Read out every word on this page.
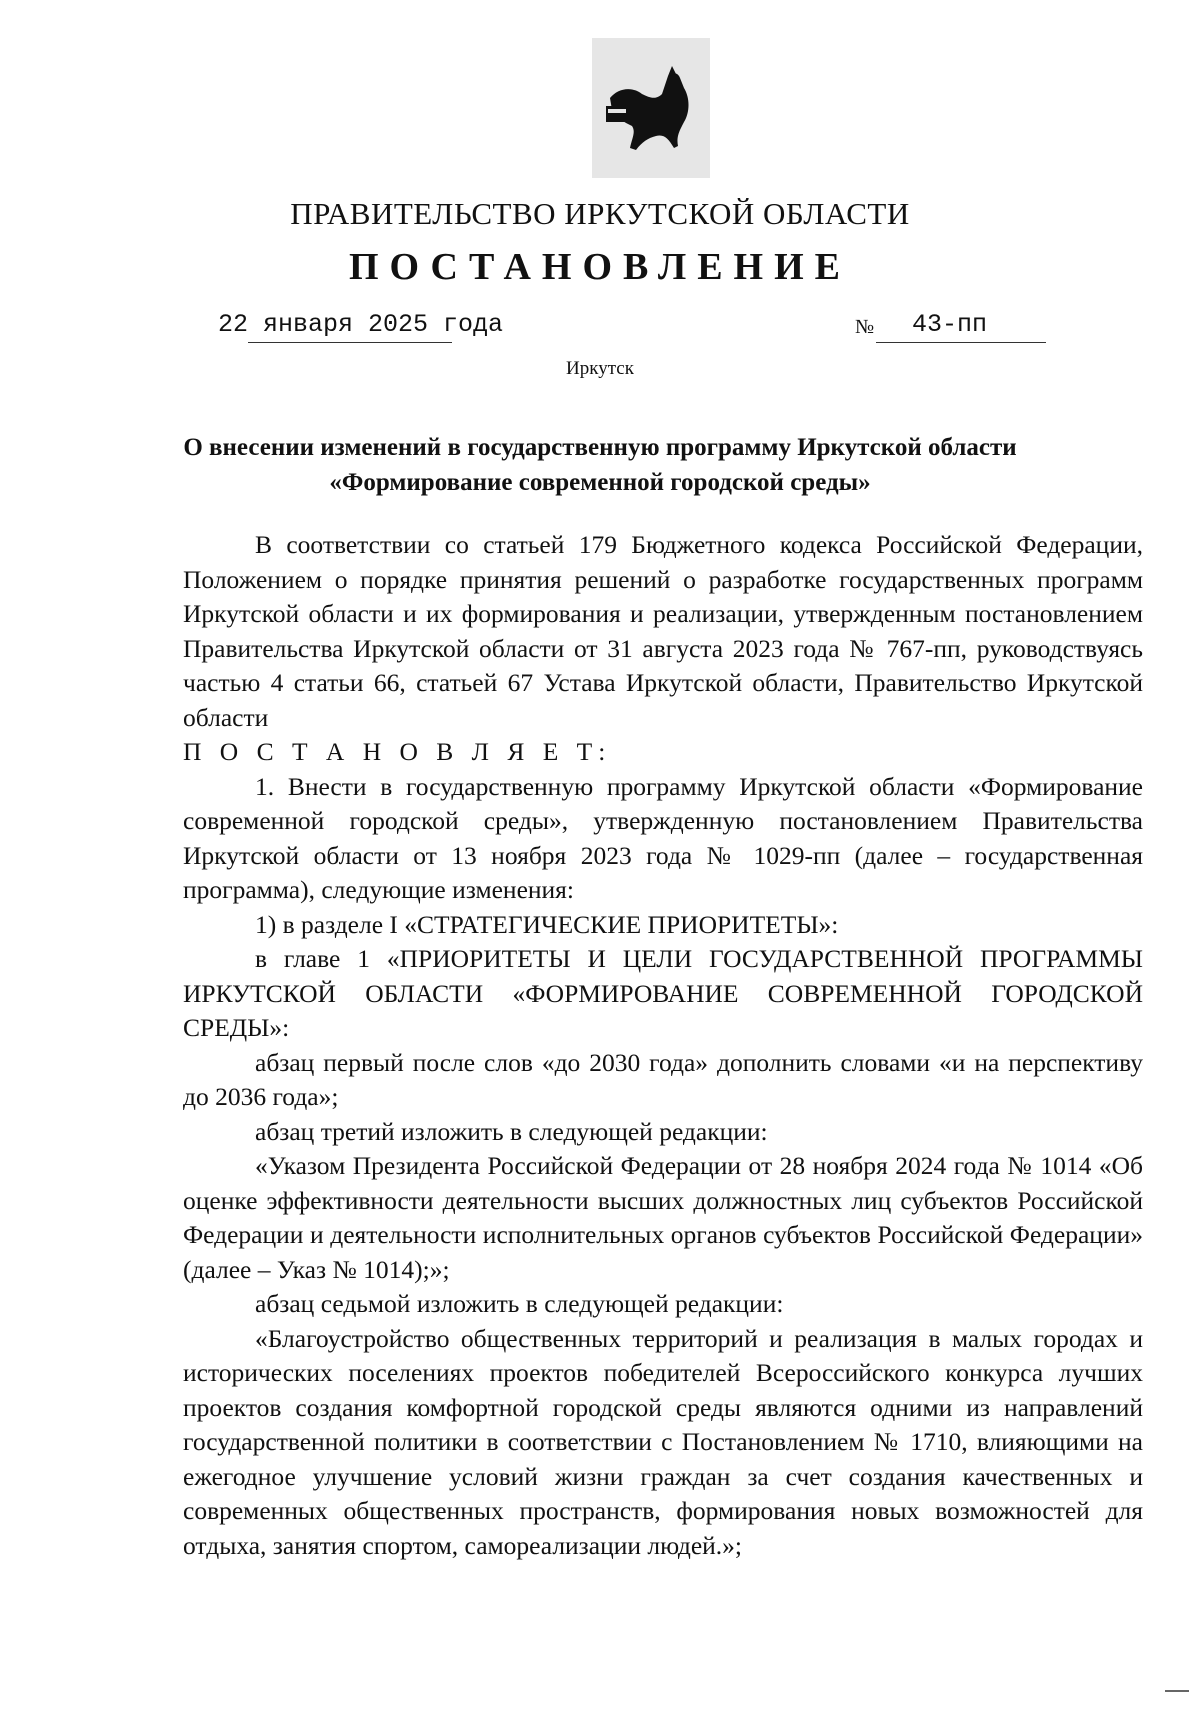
ПРАВИТЕЛЬСТВО ИРКУТСКОЙ ОБЛАСТИ
ПОСТАНОВЛЕНИЕ
22 января 2025 года	№ 43-пп
Иркутск
О внесении изменений в государственную программу Иркутской области
«Формирование современной городской среды»

В соответствии со статьей 179 Бюджетного кодекса Российской Федерации, Положением о порядке принятия решений о разработке государственных программ Иркутской области и их формирования и реализации, утвержденным постановлением Правительства Иркутской области от 31 августа 2023 года № 767-пп, руководствуясь частью 4 статьи 66, статьей 67 Устава Иркутской области, Правительство Иркутской области

П О С Т А Н О В Л Я Е Т:

1. Внести в государственную программу Иркутской области «Формирование современной городской среды», утвержденную постановлением Правительства Иркутской области от 13 ноября 2023 года № 1029-пп (далее – государственная программа), следующие изменения:

1) в разделе I «СТРАТЕГИЧЕСКИЕ ПРИОРИТЕТЫ»:

в главе 1 «ПРИОРИТЕТЫ И ЦЕЛИ ГОСУДАРСТВЕННОЙ ПРОГРАММЫ ИРКУТСКОЙ ОБЛАСТИ «ФОРМИРОВАНИЕ СОВРЕМЕННОЙ ГОРОДСКОЙ СРЕДЫ»:

абзац первый после слов «до 2030 года» дополнить словами «и на перспективу до 2036 года»;

абзац третий изложить в следующей редакции:

«Указом Президента Российской Федерации от 28 ноября 2024 года № 1014 «Об оценке эффективности деятельности высших должностных лиц субъектов Российской Федерации и деятельности исполнительных органов субъектов Российской Федерации» (далее – Указ № 1014);»;

абзац седьмой изложить в следующей редакции:

«Благоустройство общественных территорий и реализация в малых городах и исторических поселениях проектов победителей Всероссийского конкурса лучших проектов создания комфортной городской среды являются одними из направлений государственной политики в соответствии с Постановлением № 1710, влияющими на ежегодное улучшение условий жизни граждан за счет создания качественных и современных общественных пространств, формирования новых возможностей для отдыха, занятия спортом, самореализации людей.»;
